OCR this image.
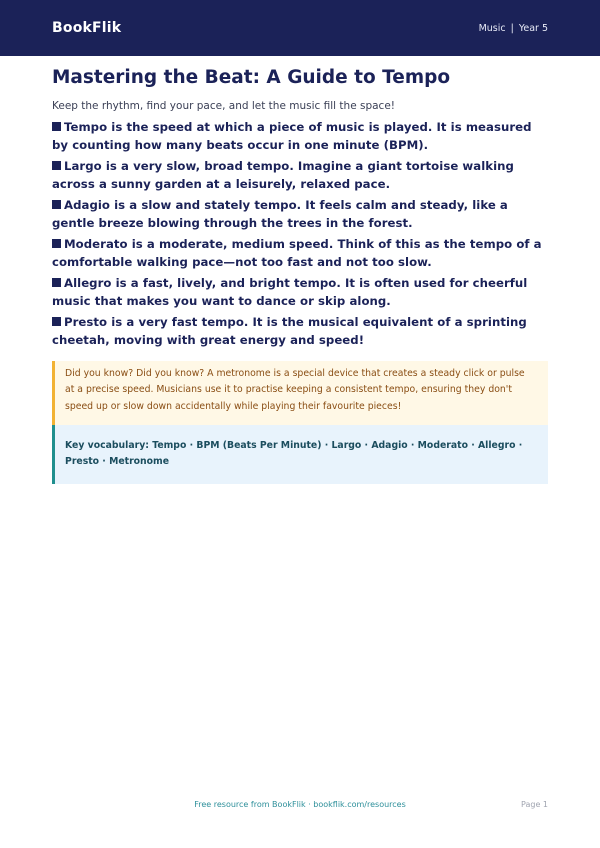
BookFlik	Music | Year 5
Mastering the Beat: A Guide to Tempo

Keep the rhythm, find your pace, and let the music fill the space!

Tempo is the speed at which a piece of music is played. It is measured by counting how many beats occur in one minute (BPM).

Largo is a very slow, broad tempo. Imagine a giant tortoise walking across a sunny garden at a leisurely, relaxed pace.

Adagio is a slow and stately tempo. It feels calm and steady, like a gentle breeze blowing through the trees in the forest.

Moderato is a moderate, medium speed. Think of this as the tempo of a comfortable walking pace—not too fast and not too slow.

Allegro is a fast, lively, and bright tempo. It is often used for cheerful music that makes you want to dance or skip along.

Presto is a very fast tempo. It is the musical equivalent of a sprinting cheetah, moving with great energy and speed!

Did you know? Did you know? A metronome is a special device that creates a steady click or pulse at a precise speed. Musicians use it to practise keeping a consistent tempo, ensuring they don't speed up or slow down accidentally while playing their favourite pieces!
Key vocabulary: Tempo · BPM (Beats Per Minute) · Largo · Adagio · Moderato · Allegro · Presto · Metronome
Free resource from BookFlik · bookflik.com/resources	Page 1
